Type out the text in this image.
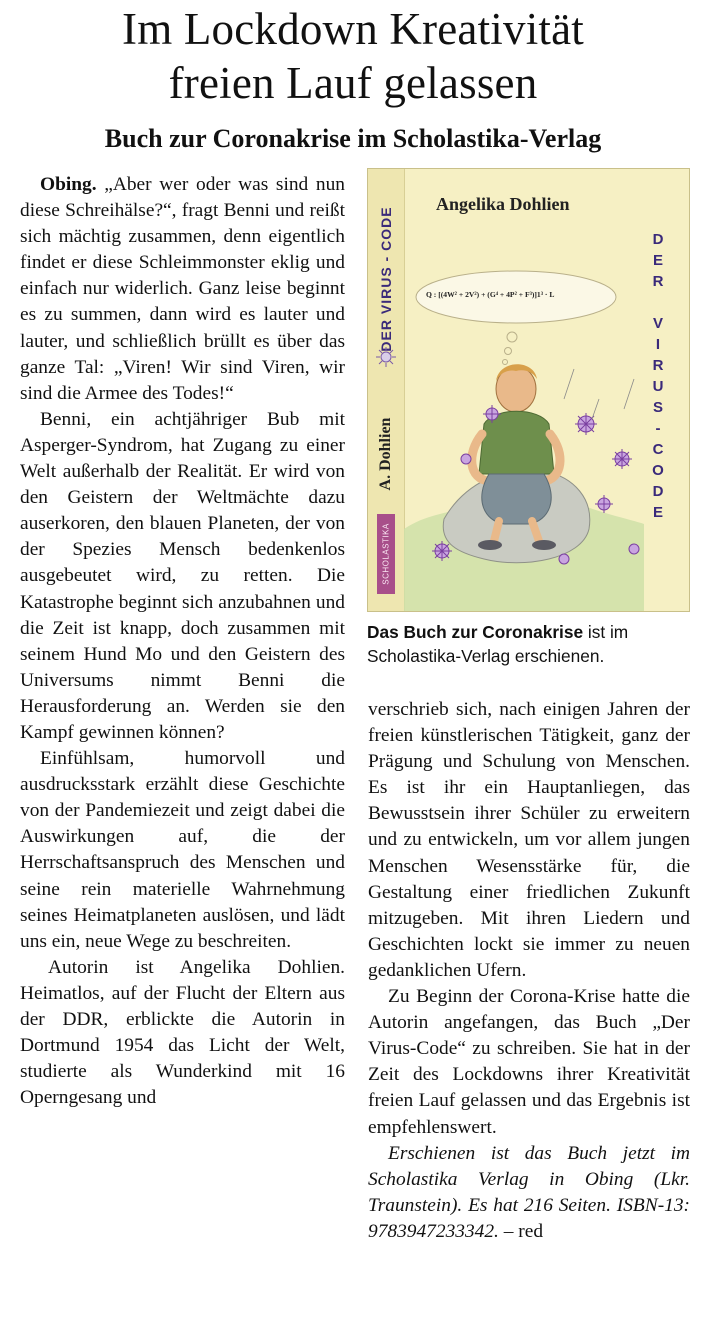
Im Lockdown Kreativität
freien Lauf gelassen
Buch zur Coronakrise im Scholastika-Verlag

Obing. „Aber wer oder was sind nun diese Schreihälse?“, fragt Benni und reißt sich mächtig zusammen, denn eigentlich findet er diese Schleimmonster eklig und einfach nur widerlich. Ganz leise beginnt es zu summen, dann wird es lauter und lauter, und schließlich brüllt es über das ganze Tal: „Viren! Wir sind Viren, wir sind die Armee des Todes!“

Benni, ein achtjähriger Bub mit Asperger-Syndrom, hat Zugang zu einer Welt außerhalb der Realität. Er wird von den Geistern der Weltmächte dazu auserkoren, den blauen Planeten, der von der Spezies Mensch bedenkenlos ausgebeutet wird, zu retten. Die Katastrophe beginnt sich anzubahnen und die Zeit ist knapp, doch zusammen mit seinem Hund Mo und den Geistern des Universums nimmt Benni die Herausforderung an. Werden sie den Kampf gewinnen können?

Einfühlsam, humorvoll und ausdrucksstark erzählt diese Geschichte von der Pandemiezeit und zeigt dabei die Auswirkungen auf, die der Herrschaftsanspruch des Menschen und seine rein materielle Wahrnehmung seines Heimatplaneten auslösen, und lädt uns ein, neue Wege zu beschreiten.

Autorin ist Angelika Dohlien. Heimatlos, auf der Flucht der Eltern aus der DDR, erblickte die Autorin in Dortmund 1954 das Licht der Welt, studierte als Wunderkind mit 16 Operngesang und

DER VIRUS - CODE
A. Dohlien
SCHOLASTIKA
Angelika Dohlien
D
E
R

V
I
R
U
S
-
C
O
D
E
Q : [(4W² + 2V²) + (G⁴ + 4P² + F³)]1³ · L
Das Buch zur Coronakrise ist im Scholastika-Verlag erschienen.

verschrieb sich, nach einigen Jahren der freien künstlerischen Tätigkeit, ganz der Prägung und Schulung von Menschen. Es ist ihr ein Hauptanliegen, das Bewusstsein ihrer Schüler zu erweitern und zu entwickeln, um vor allem jungen Menschen Wesensstärke für, die Gestaltung einer friedlichen Zukunft mitzugeben. Mit ihren Liedern und Geschichten lockt sie immer zu neuen gedanklichen Ufern.

Zu Beginn der Corona-Krise hatte die Autorin angefangen, das Buch „Der Virus-Code“ zu schreiben. Sie hat in der Zeit des Lockdowns ihrer Kreativität freien Lauf gelassen und das Ergebnis ist empfehlenswert.

Erschienen ist das Buch jetzt im Scholastika Verlag in Obing (Lkr. Traunstein). Es hat 216 Seiten. ISBN-13: 9783947233342. – red
